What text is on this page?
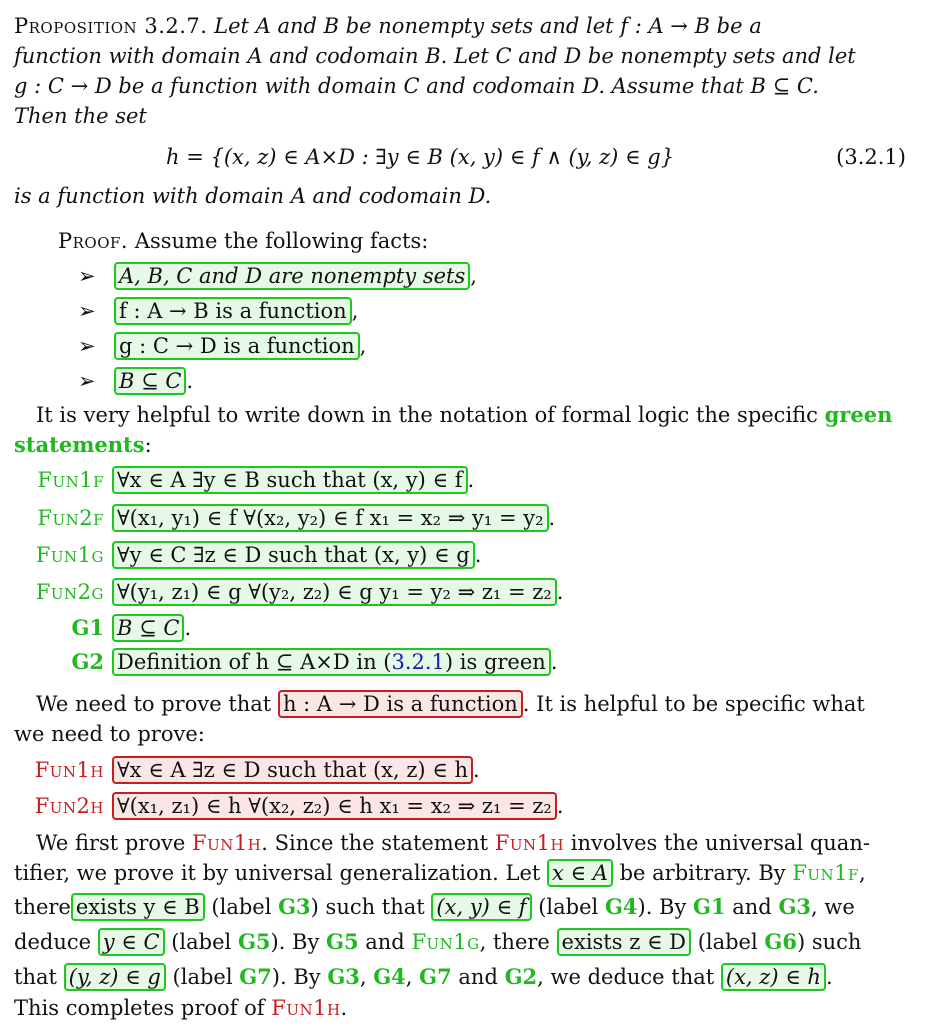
Proposition 3.2.7. Let A and B be nonempty sets and let f : A → B be a
function with domain A and codomain B. Let C and D be nonempty sets and let
g : C → D be a function with domain C and codomain D. Assume that B ⊆ C.
Then the set
h = {(x, z) ∈ A×D : ∃y ∈ B (x, y) ∈ f ∧ (y, z) ∈ g}	(3.2.1)
is a function with domain A and codomain D.
Proof. Assume the following facts:
➢ A, B, C and D are nonempty sets ,
➢ f : A → B is a function ,
➢ g : C → D is a function ,
➢ B ⊆ C .
It is very helpful to write down in the notation of formal logic the specific green
statements:
Fun1f ∀x ∈ A ∃y ∈ B such that (x, y) ∈ f .
Fun2f ∀(x₁, y₁) ∈ f ∀(x₂, y₂) ∈ f x₁ = x₂ ⇒ y₁ = y₂ .
Fun1g ∀y ∈ C ∃z ∈ D such that (x, y) ∈ g .
Fun2g ∀(y₁, z₁) ∈ g ∀(y₂, z₂) ∈ g y₁ = y₂ ⇒ z₁ = z₂ .
G1 B ⊆ C .
G2 Definition of h ⊆ A×D in (3.2.1) is green .
We need to prove that h : A → D is a function . It is helpful to be specific what
we need to prove:
Fun1h ∀x ∈ A ∃z ∈ D such that (x, z) ∈ h .
Fun2h ∀(x₁, z₁) ∈ h ∀(x₂, z₂) ∈ h x₁ = x₂ ⇒ z₁ = z₂ .
We first prove Fun1h. Since the statement Fun1h involves the universal quan-
tifier, we prove it by universal generalization. Let x ∈ A be arbitrary. By Fun1f,
there exists y ∈ B (label G3) such that (x, y) ∈ f (label G4). By G1 and G3, we
deduce y ∈ C (label G5). By G5 and Fun1g, there exists z ∈ D (label G6) such
that (y, z) ∈ g (label G7). By G3, G4, G7 and G2, we deduce that (x, z) ∈ h .
This completes proof of Fun1h.
